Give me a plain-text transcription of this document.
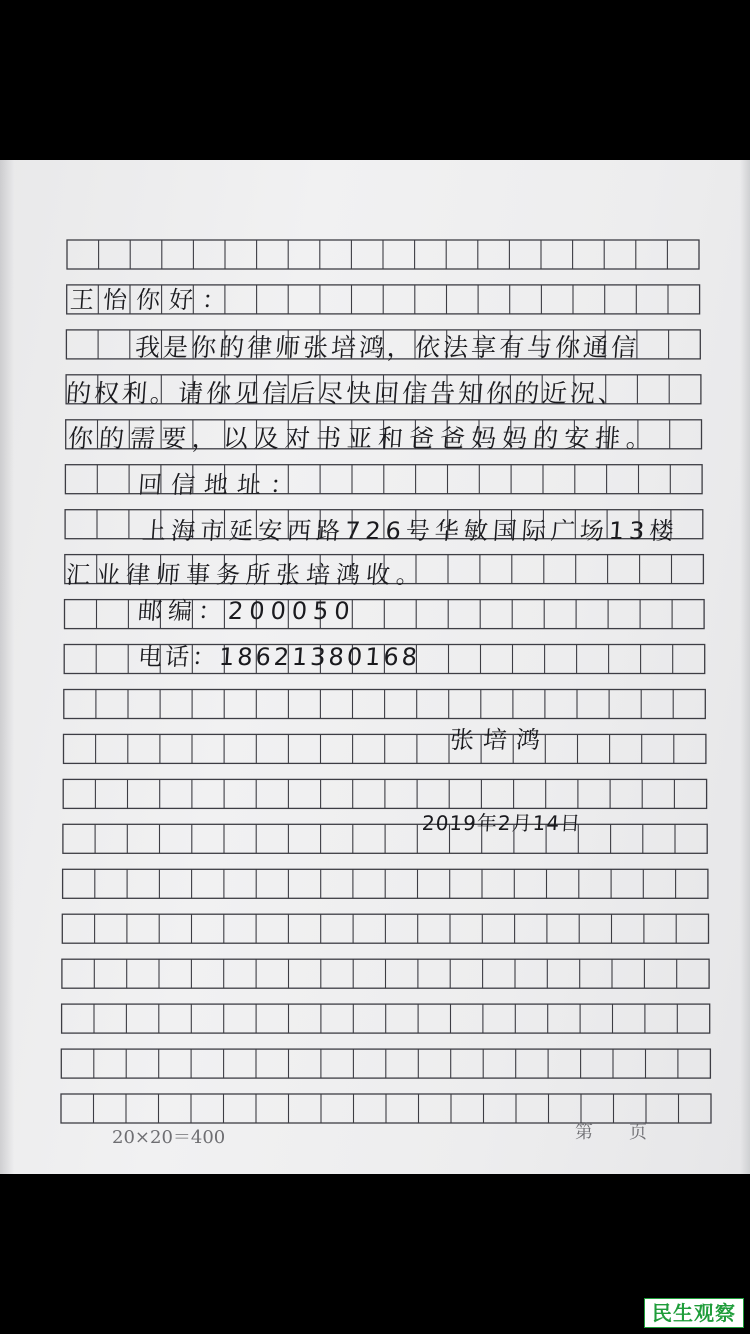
王怡你好：

我是你的律师张培鸿，依法享有与你通信

的权利。请你见信后尽快回信告知你的近况、

你的需要，以及对书亚和爸爸妈妈的安排。

回信地址：

上海市延安西路726号华敏国际广场13楼

汇业律师事务所张培鸿收。

邮编：200050

电话：18621380168

张培鸿

2019年2月14日

20×20＝400	第　　页

民生观察
